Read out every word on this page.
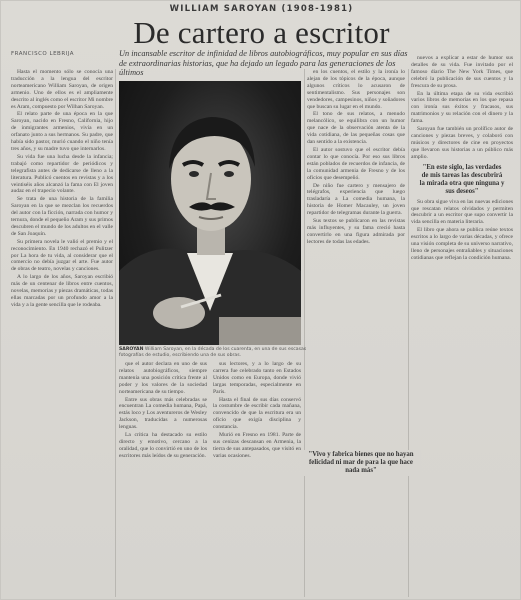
WILLIAM SAROYAN (1908-1981)
De cartero a escritor
FRANCISCO LEBRIJA	Un incansable escritor de infinidad de libros autobiográficos, muy popular en sus días de extraordinarias historias, que ha dejado un legado para las generaciones de los últimos

Hasta el momento sólo se conocía una traducción a la lengua del escritor norteamericano William Saroyan, de origen armenio. Uno de ellos es el ampliamente descrito al inglés como el escritor Mi nombre es Aram, compuesto por Wilhan Saroyan.

El relato parte de una época en la que Saroyan, nacido en Fresno, California, hijo de inmigrantes armenios, vivía en un orfanato junto a sus hermanos. Su padre, que había sido pastor, murió cuando el niño tenía tres años, y su madre tuvo que internarlos.

Su vida fue una lucha desde la infancia; trabajó como repartidor de periódicos y telegrafista antes de dedicarse de lleno a la literatura. Publicó cuentos en revistas y a los veintiséis años alcanzó la fama con El joven audaz en el trapecio volante.

Se trata de una historia de la familia Saroyan en la que se mezclan los recuerdos del autor con la ficción, narrada con humor y ternura, donde el pequeño Aram y sus primos descubren el mundo de los adultos en el valle de San Joaquín.

Su primera novela le valió el premio y el reconocimiento. En 1940 rechazó el Pulitzer por La hora de tu vida, al considerar que el comercio no debía juzgar el arte. Fue autor de obras de teatro, novelas y canciones.

A lo largo de los años, Saroyan escribió más de un centenar de libros entre cuentos, novelas, memorias y piezas dramáticas, todas ellas marcadas por un profundo amor a la vida y a la gente sencilla que le rodeaba.

SAROYAN William Saroyan, en la década de los cuarenta, en una de sus escasas fotografías de estudio, escribiendo una de sus obras.

que el autor declara en uno de sus relatos autobiográficos, siempre mantenía una posición crítica frente al poder y los valores de la sociedad norteamericana de su tiempo.

Entre sus obras más celebradas se encuentran La comedia humana, Papá, estás loco y Los aventureros de Wesley Jackson, traducidas a numerosas lenguas.

La crítica ha destacado su estilo directo y emotivo, cercano a la oralidad, que lo convirtió en uno de los escritores más leídos de su generación.

sus lectores, y a lo largo de su carrera fue celebrado tanto en Estados Unidos como en Europa, donde vivió largas temporadas, especialmente en París.

Hasta el final de sus días conservó la costumbre de escribir cada mañana, convencido de que la escritura era un oficio que exigía disciplina y constancia.

Murió en Fresno en 1981. Parte de sus cenizas descansan en Armenia, la tierra de sus antepasados, que visitó en varias ocasiones.

en los cuentos, el estilo y la ironía lo alejan de los tópicos de la época, aunque algunos críticos lo acusaron de sentimentalismo. Sus personajes son vendedores, campesinos, niños y soñadores que buscan su lugar en el mundo.

El tono de sus relatos, a menudo melancólico, se equilibra con un humor que nace de la observación atenta de la vida cotidiana, de las pequeñas cosas que dan sentido a la existencia.

El autor sostuvo que el escritor debía contar lo que conocía. Por eso sus libros están poblados de recuerdos de infancia, de la comunidad armenia de Fresno y de los oficios que desempeñó.

De niño fue cartero y mensajero de telégrafos, experiencia que luego trasladaría a La comedia humana, la historia de Homer Macauley, un joven repartidor de telegramas durante la guerra.

Sus textos se publicaron en las revistas más influyentes, y su fama creció hasta convertirlo en una figura admirada por lectores de todas las edades.

nuevos a explicar a estar de humor sus detalles de su vida. Fue invitado por el famoso diario The New York Times, que celebró la publicación de sus cuentos y la frescura de su prosa.

En la última etapa de su vida escribió varios libros de memorias en los que repasa con ironía sus éxitos y fracasos, sus matrimonios y su relación con el dinero y la fama.

Saroyan fue también un prolífico autor de canciones y piezas breves, y colaboró con músicos y directores de cine en proyectos que llevaron sus historias a un público más amplio.

"En este siglo, las verdades de mis tareas las descubrirá la mirada otra que ninguna y sus deseos"

Su obra sigue viva en las nuevas ediciones que rescatan relatos olvidados y permiten descubrir a un escritor que supo convertir la vida sencilla en materia literaria.

El libro que ahora se publica reúne textos escritos a lo largo de varias décadas, y ofrece una visión completa de su universo narrativo, lleno de personajes entrañables y situaciones cotidianas que reflejan la condición humana.

"Vivo y fabrica bienes que no hayan felicidad ni mar de para la que hace nada más"
